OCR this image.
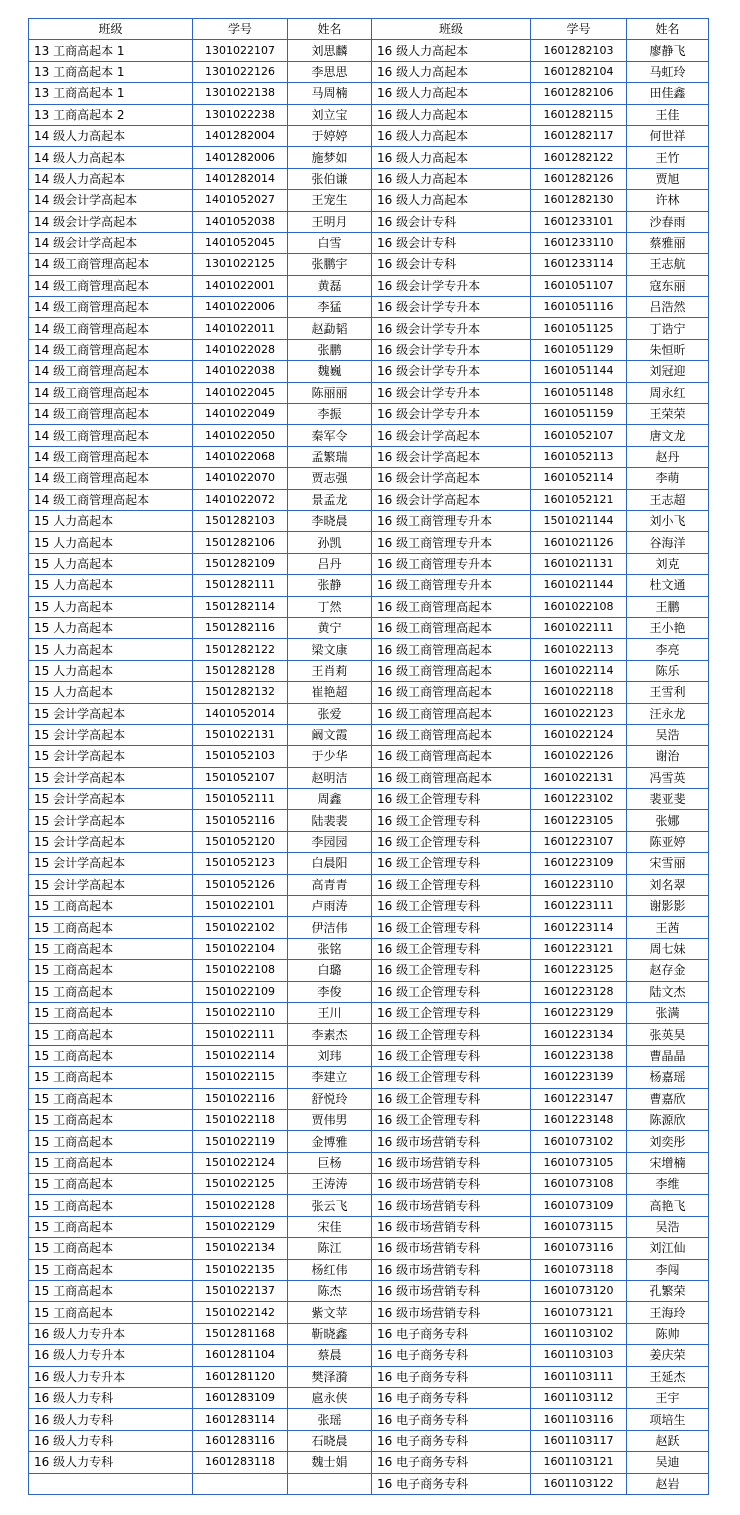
班级	学号	姓名	班级	学号	姓名
13 工商高起本 1	1301022107	刘思麟	16 级人力高起本	1601282103	廖静飞
13 工商高起本 1	1301022126	李思思	16 级人力高起本	1601282104	马虹玲
13 工商高起本 1	1301022138	马周楠	16 级人力高起本	1601282106	田佳鑫
13 工商高起本 2	1301022238	刘立宝	16 级人力高起本	1601282115	王佳
14 级人力高起本	1401282004	于婷婷	16 级人力高起本	1601282117	何世祥
14 级人力高起本	1401282006	施梦如	16 级人力高起本	1601282122	王竹
14 级人力高起本	1401282014	张伯谦	16 级人力高起本	1601282126	贾旭
14 级会计学高起本	1401052027	王宠生	16 级人力高起本	1601282130	许林
14 级会计学高起本	1401052038	王明月	16 级会计专科	1601233101	沙春雨
14 级会计学高起本	1401052045	白雪	16 级会计专科	1601233110	蔡雅丽
14 级工商管理高起本	1301022125	张鹏宇	16 级会计专科	1601233114	王志航
14 级工商管理高起本	1401022001	黄磊	16 级会计学专升本	1601051107	寇东丽
14 级工商管理高起本	1401022006	李猛	16 级会计学专升本	1601051116	吕浩然
14 级工商管理高起本	1401022011	赵勐韬	16 级会计学专升本	1601051125	丁诰宁
14 级工商管理高起本	1401022028	张鹏	16 级会计学专升本	1601051129	朱恒昕
14 级工商管理高起本	1401022038	魏巍	16 级会计学专升本	1601051144	刘冠迎
14 级工商管理高起本	1401022045	陈丽丽	16 级会计学专升本	1601051148	周永红
14 级工商管理高起本	1401022049	李振	16 级会计学专升本	1601051159	王荣荣
14 级工商管理高起本	1401022050	秦军令	16 级会计学高起本	1601052107	唐文龙
14 级工商管理高起本	1401022068	孟繁瑞	16 级会计学高起本	1601052113	赵丹
14 级工商管理高起本	1401022070	贾志强	16 级会计学高起本	1601052114	李萌
14 级工商管理高起本	1401022072	景孟龙	16 级会计学高起本	1601052121	王志超
15 人力高起本	1501282103	李晓晨	16 级工商管理专升本	1501021144	刘小飞
15 人力高起本	1501282106	孙凯	16 级工商管理专升本	1601021126	谷海洋
15 人力高起本	1501282109	吕丹	16 级工商管理专升本	1601021131	刘克
15 人力高起本	1501282111	张静	16 级工商管理专升本	1601021144	杜文通
15 人力高起本	1501282114	丁然	16 级工商管理高起本	1601022108	王鹏
15 人力高起本	1501282116	黄宁	16 级工商管理高起本	1601022111	王小艳
15 人力高起本	1501282122	梁文康	16 级工商管理高起本	1601022113	李亮
15 人力高起本	1501282128	王肖莉	16 级工商管理高起本	1601022114	陈乐
15 人力高起本	1501282132	崔艳超	16 级工商管理高起本	1601022118	王雪利
15 会计学高起本	1401052014	张爱	16 级工商管理高起本	1601022123	汪永龙
15 会计学高起本	1501022131	阚文霞	16 级工商管理高起本	1601022124	吴浩
15 会计学高起本	1501052103	于少华	16 级工商管理高起本	1601022126	谢治
15 会计学高起本	1501052107	赵明洁	16 级工商管理高起本	1601022131	冯雪英
15 会计学高起本	1501052111	周鑫	16 级工企管理专科	1601223102	裴亚斐
15 会计学高起本	1501052116	陆裴裴	16 级工企管理专科	1601223105	张娜
15 会计学高起本	1501052120	李园园	16 级工企管理专科	1601223107	陈亚婷
15 会计学高起本	1501052123	白晨阳	16 级工企管理专科	1601223109	宋雪丽
15 会计学高起本	1501052126	高青青	16 级工企管理专科	1601223110	刘名翠
15 工商高起本	1501022101	卢雨涛	16 级工企管理专科	1601223111	谢影影
15 工商高起本	1501022102	伊洁伟	16 级工企管理专科	1601223114	王茜
15 工商高起本	1501022104	张铭	16 级工企管理专科	1601223121	周七妹
15 工商高起本	1501022108	白璐	16 级工企管理专科	1601223125	赵存金
15 工商高起本	1501022109	李俊	16 级工企管理专科	1601223128	陆文杰
15 工商高起本	1501022110	王川	16 级工企管理专科	1601223129	张满
15 工商高起本	1501022111	李素杰	16 级工企管理专科	1601223134	张英昊
15 工商高起本	1501022114	刘玮	16 级工企管理专科	1601223138	曹晶晶
15 工商高起本	1501022115	李建立	16 级工企管理专科	1601223139	杨嘉瑶
15 工商高起本	1501022116	舒悦玲	16 级工企管理专科	1601223147	曹嘉欣
15 工商高起本	1501022118	贾伟男	16 级工企管理专科	1601223148	陈源欣
15 工商高起本	1501022119	金博雅	16 级市场营销专科	1601073102	刘奕彤
15 工商高起本	1501022124	巨杨	16 级市场营销专科	1601073105	宋增楠
15 工商高起本	1501022125	王涛涛	16 级市场营销专科	1601073108	李维
15 工商高起本	1501022128	张云飞	16 级市场营销专科	1601073109	高艳飞
15 工商高起本	1501022129	宋佳	16 级市场营销专科	1601073115	吴浩
15 工商高起本	1501022134	陈江	16 级市场营销专科	1601073116	刘江仙
15 工商高起本	1501022135	杨红伟	16 级市场营销专科	1601073118	李闯
15 工商高起本	1501022137	陈杰	16 级市场营销专科	1601073120	孔繁荣
15 工商高起本	1501022142	紫文苹	16 级市场营销专科	1601073121	王海玲
16 级人力专升本	1501281168	靳晓鑫	16 电子商务专科	1601103102	陈帅
16 级人力专升本	1601281104	蔡晨	16 电子商务专科	1601103103	姜庆荣
16 级人力专升本	1601281120	樊泽漪	16 电子商务专科	1601103111	王延杰
16 级人力专科	1601283109	扈永侠	16 电子商务专科	1601103112	王宇
16 级人力专科	1601283114	张瑶	16 电子商务专科	1601103116	项培生
16 级人力专科	1601283116	石晓晨	16 电子商务专科	1601103117	赵跃
16 级人力专科	1601283118	魏士娟	16 电子商务专科	1601103121	吴迪
			16 电子商务专科	1601103122	赵岩
